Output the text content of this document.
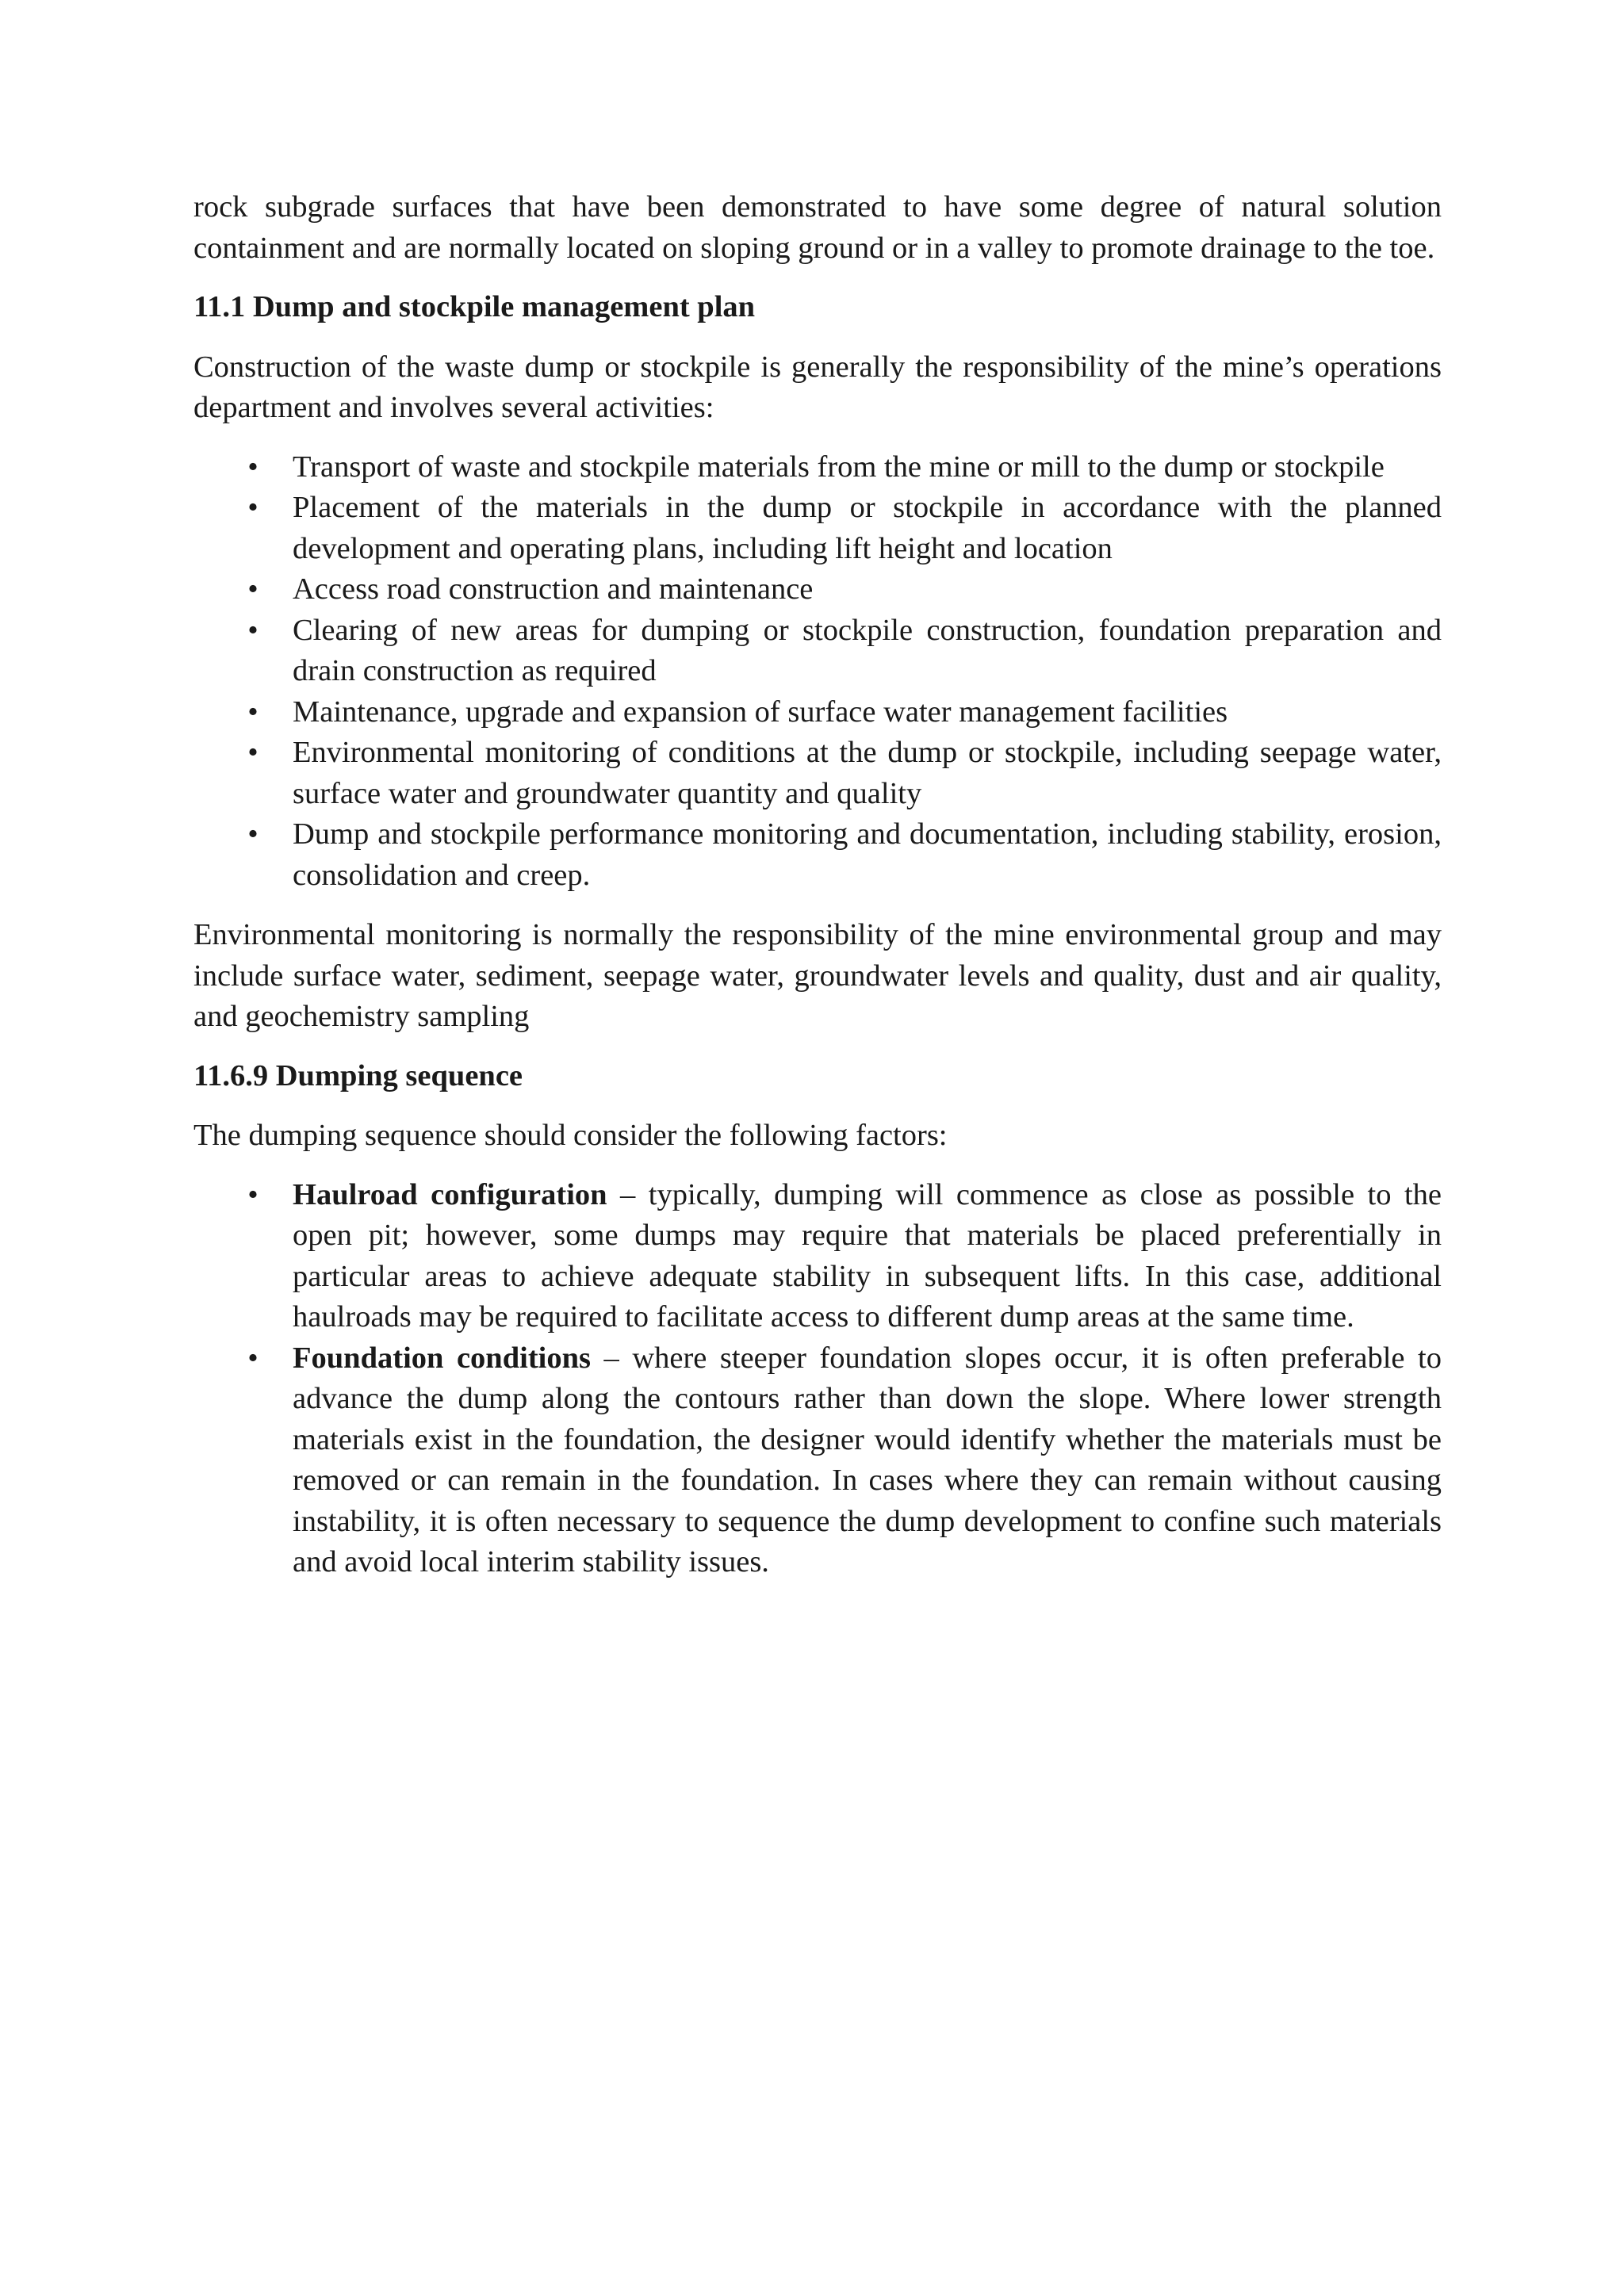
rock subgrade surfaces that have been demonstrated to have some degree of natural solution containment and are normally located on sloping ground or in a valley to promote drainage to the toe.

11.1 Dump and stockpile management plan

Construction of the waste dump or stockpile is generally the responsibility of the mine’s operations department and involves several activities:

• Transport of waste and stockpile materials from the mine or mill to the dump or stockpile
• Placement of the materials in the dump or stockpile in accordance with the planned development and operating plans, including lift height and location
• Access road construction and maintenance
• Clearing of new areas for dumping or stockpile construction, foundation preparation and drain construction as required
• Maintenance, upgrade and expansion of surface water management facilities
• Environmental monitoring of conditions at the dump or stockpile, including seepage water, surface water and groundwater quantity and quality
• Dump and stockpile performance monitoring and documentation, including stability, erosion, consolidation and creep.

Environmental monitoring is normally the responsibility of the mine environmental group and may include surface water, sediment, seepage water, groundwater levels and quality, dust and air quality, and geochemistry sampling

11.6.9 Dumping sequence

The dumping sequence should consider the following factors:

• Haulroad configuration – typically, dumping will commence as close as possible to the open pit; however, some dumps may require that materials be placed preferentially in particular areas to achieve adequate stability in subsequent lifts. In this case, additional haulroads may be required to facilitate access to different dump areas at the same time.
• Foundation conditions – where steeper foundation slopes occur, it is often preferable to advance the dump along the contours rather than down the slope. Where lower strength materials exist in the foundation, the designer would identify whether the materials must be removed or can remain in the foundation. In cases where they can remain without causing instability, it is often necessary to sequence the dump development to confine such materials and avoid local interim stability issues.
